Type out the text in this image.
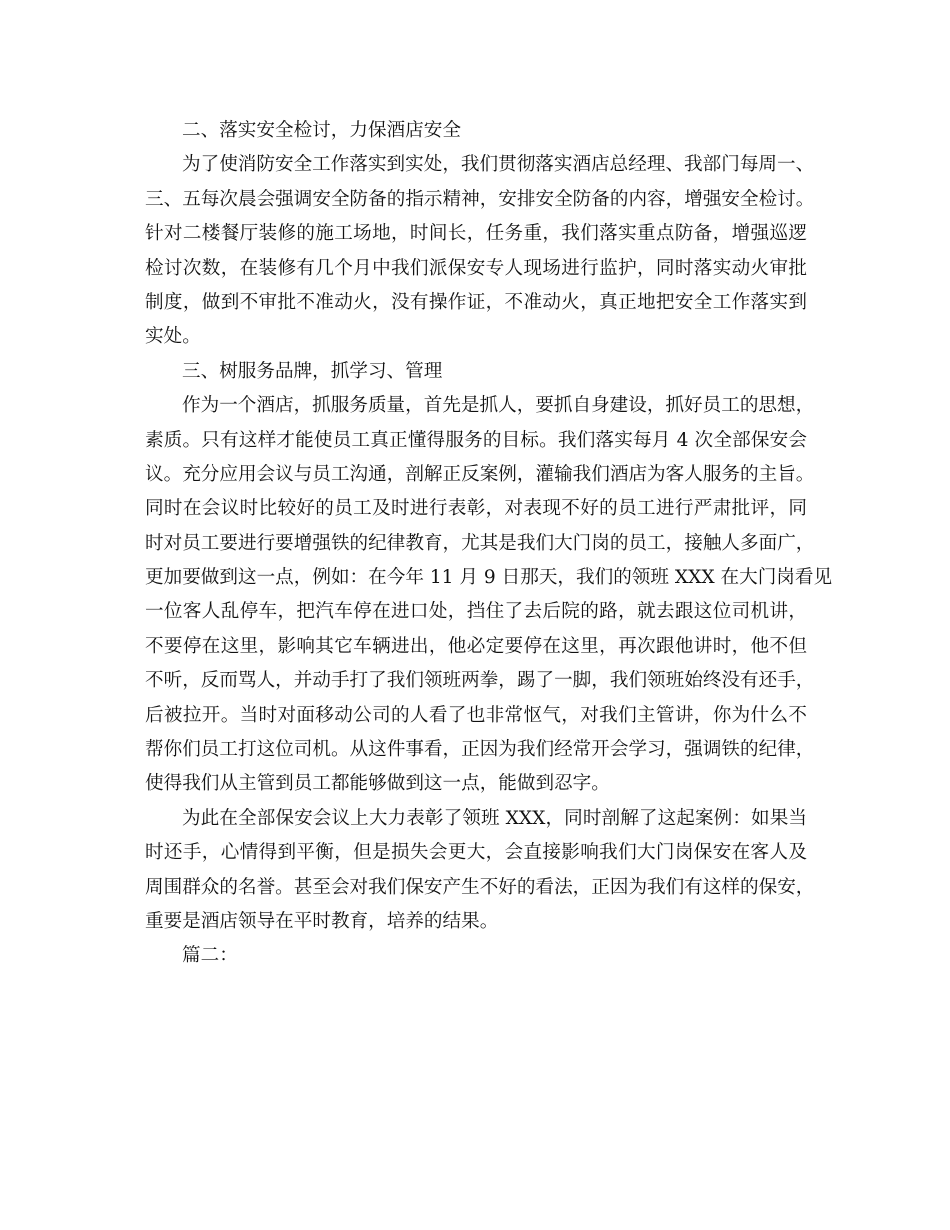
二、落实安全检讨，力保酒店安全
为了使消防安全工作落实到实处，我们贯彻落实酒店总经理、我部门每周一、
三、五每次晨会强调安全防备的指示精神，安排安全防备的内容，增强安全检讨。
针对二楼餐厅装修的施工场地，时间长，任务重，我们落实重点防备，增强巡逻
检讨次数，在装修有几个月中我们派保安专人现场进行监护，同时落实动火审批
制度，做到不审批不准动火，没有操作证，不准动火，真正地把安全工作落实到
实处。
三、树服务品牌，抓学习、管理
作为一个酒店，抓服务质量，首先是抓人，要抓自身建设，抓好员工的思想，
素质。只有这样才能使员工真正懂得服务的目标。我们落实每月 4 次全部保安会
议。充分应用会议与员工沟通，剖解正反案例，灌输我们酒店为客人服务的主旨。
同时在会议时比较好的员工及时进行表彰，对表现不好的员工进行严肃批评，同
时对员工要进行要增强铁的纪律教育，尤其是我们大门岗的员工，接触人多面广，
更加要做到这一点，例如：在今年 11 月 9 日那天，我们的领班 XXX 在大门岗看见
一位客人乱停车，把汽车停在进口处，挡住了去后院的路，就去跟这位司机讲，
不要停在这里，影响其它车辆进出，他必定要停在这里，再次跟他讲时，他不但
不听，反而骂人，并动手打了我们领班两拳，踢了一脚，我们领班始终没有还手，
后被拉开。当时对面移动公司的人看了也非常怄气，对我们主管讲，你为什么不
帮你们员工打这位司机。从这件事看，正因为我们经常开会学习，强调铁的纪律，
使得我们从主管到员工都能够做到这一点，能做到忍字。
为此在全部保安会议上大力表彰了领班 XXX，同时剖解了这起案例：如果当
时还手，心情得到平衡，但是损失会更大，会直接影响我们大门岗保安在客人及
周围群众的名誉。甚至会对我们保安产生不好的看法，正因为我们有这样的保安，
重要是酒店领导在平时教育，培养的结果。
篇二：
